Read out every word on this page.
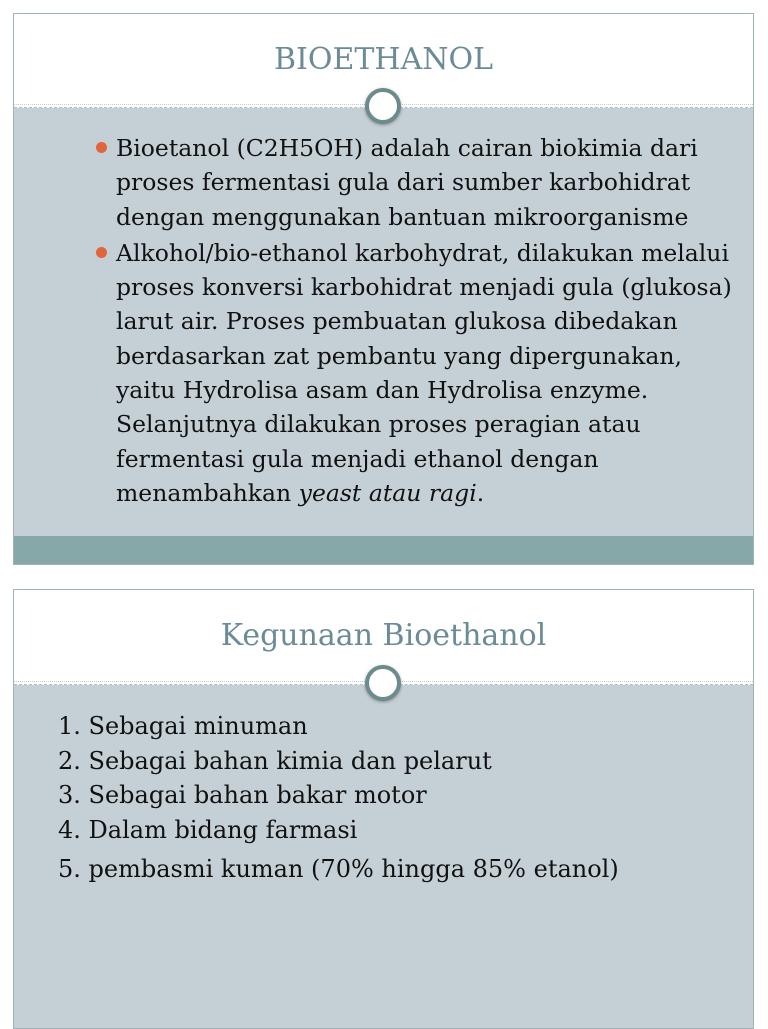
BIOETHANOL
Bioetanol (C2H5OH) adalah cairan biokimia dari proses fermentasi gula dari sumber karbohidrat dengan menggunakan bantuan mikroorganisme
Alkohol/bio-ethanol karbohydrat, dilakukan melalui proses konversi karbohidrat menjadi gula (glukosa) larut air. Proses pembuatan glukosa dibedakan berdasarkan zat pembantu yang dipergunakan, yaitu Hydrolisa asam dan Hydrolisa enzyme. Selanjutnya dilakukan proses peragian atau fermentasi gula menjadi ethanol dengan menambahkan yeast atau ragi.
Kegunaan Bioethanol
1. Sebagai minuman
2. Sebagai bahan kimia dan pelarut
3. Sebagai bahan bakar motor
4. Dalam bidang farmasi
5. pembasmi kuman (70% hingga 85% etanol)
